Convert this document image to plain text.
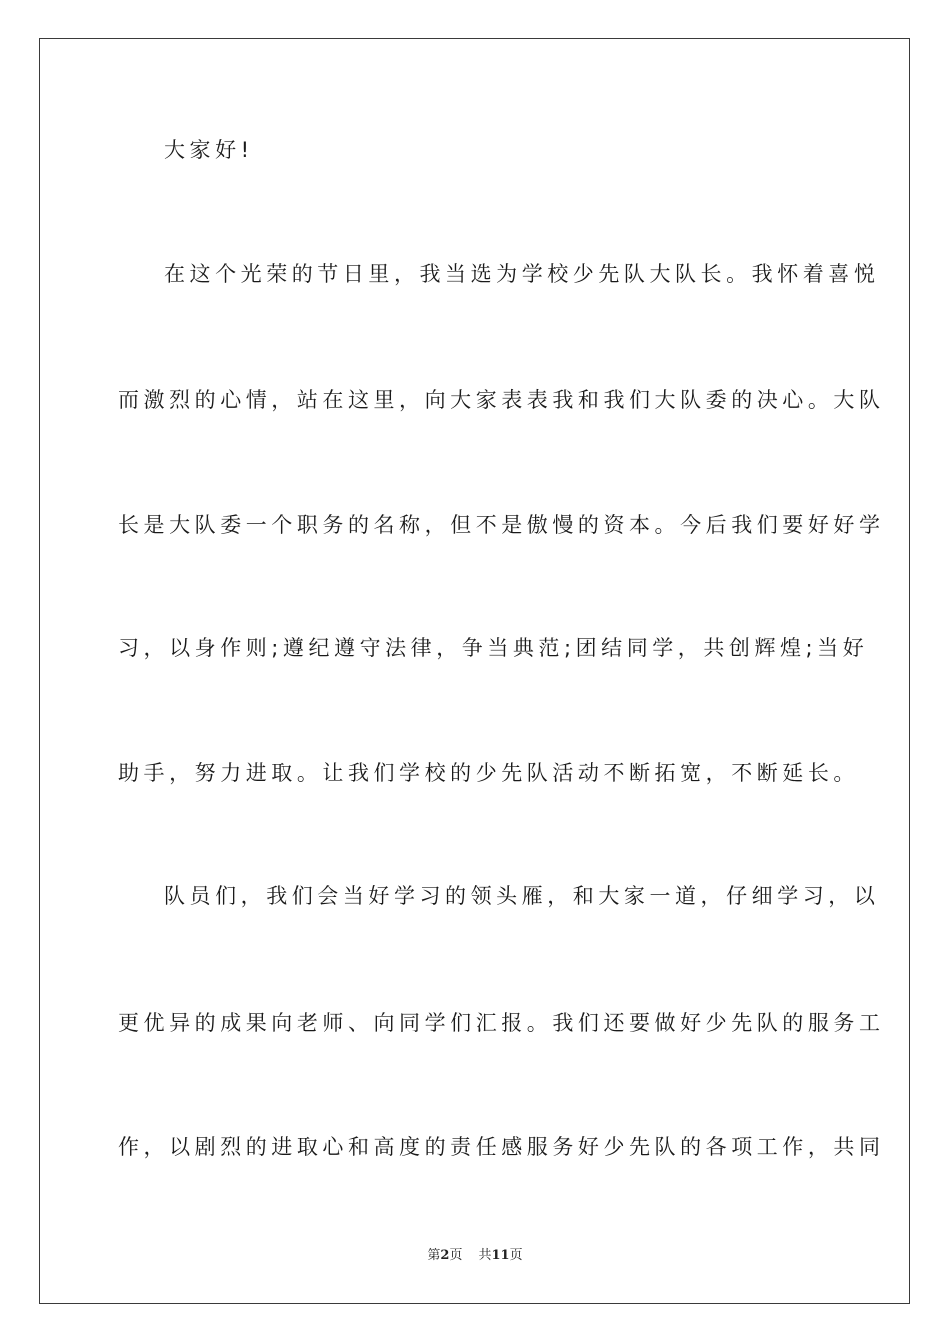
大家好!
在这个光荣的节日里，我当选为学校少先队大队长。我怀着喜悦
而激烈的心情，站在这里，向大家表表我和我们大队委的决心。大队
长是大队委一个职务的名称，但不是傲慢的资本。今后我们要好好学
习，以身作则;遵纪遵守法律，争当典范;团结同学，共创辉煌;当好
助手，努力进取。让我们学校的少先队活动不断拓宽，不断延长。
队员们，我们会当好学习的领头雁，和大家一道，仔细学习，以
更优异的成果向老师、向同学们汇报。我们还要做好少先队的服务工
作，以剧烈的进取心和高度的责任感服务好少先队的各项工作，共同
第2页 共11页
